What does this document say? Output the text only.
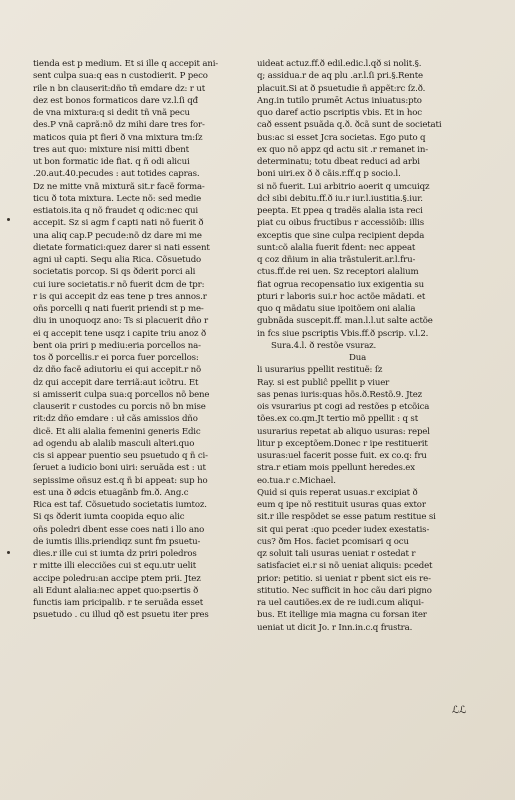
tienda est p medium. Et si ille q accepit ani-
sent culpa sua:q eas n custodierit. P peco
rile n bn clauserit:dño tñ emdare dz: r ut
dez est bonos formaticos dare vz.l.ſi qđ
de vna mixtura:q si dedit tñ vnã pecu
des.P vnã caprã:nõ dz mihi dare tres for-
maticos quia pt fieri ð vna mixtura tm:ſz
tres aut quo: mixture nisi mitti dbent
ut bon formatic ide fiat. q ñ odi alicui
.20.aut.40.pecudes : aut totides capras.
Dz ne mitte vnã mixturã sit.r facë forma-
ticu ð tota mixtura. Lecte nõ: sed medie
estiatois.ita q nõ fraudet q odic:nec qui
accepit. Sz si agm f capti nati nõ fuerit ð
una aliq cap.P pecude:nõ dz dare mi me
dietate formatici:quez darer si nati essent
agni uł capti. Sequ alia Rica. Cõsuetudo
societatis porcop. Si qs ðderit porci ali
cui iure societatis.r nõ fuerit dcm de tpr:
r is qui accepit dz eas tene p tres annos.r
oñs porcelli q nati fuerit priendi st p me-
diu in unoquoqz ano: Ts si placuerit dño r
ei q accepit tene usqz i capite triu anoz ð
bent oia priri p mediu:eria porcellos na-
tos ð porcellis.r ei porca fuer porcellos:
dz dño facë adiutoriu ei qui accepit.r nõ
dz qui accepit dare terriã:aut icõtru. Et
si amisserit culpa sua:q porcellos nõ bene
clauserit r custodes cu porcis nõ bn mise
rit:dz dño emdare : uł cãs amissios dño
dicë. Et alii alalia femenini generis Edic
ad ogendu ab alalib masculi alteri.quo
cis si appear puentio seu psuetudo q ñ ci-
ſeruet a iudicio boni uiri: seruãda est : ut
sepissime oñsuz est.q ñ bi appeat: sup ho
est una ð ødcis etuagãnb fm.ð. Ang.c
Rica est taf. Cõsuetudo societatis iumtoz.
Si qs ðderit iumta coopida equo alic
oñs poledri dbent esse coes nati i llo ano
de iumtis illis.priendiqz sunt fm psuetu-
dies.r ille cui st iumta dz priri poledros
r mitte illi elecciões cui st equ.utr uelit
accipe poledru:an accipe ptem prii. Jtez
ali Edunt alalia:nec appet quo:psertis ð
functis iam pricipalib. r te seruãda esset
psuetudo . cu illud qð est psuetu iter pres
uideat actuz.ff.ð edil.edic.l.qð si nolit.§.
q; assidua.r de aq plu .ar.l.ſi pri.§.Rente
placuit.Si at ð psuetudie ñ appẽt:rc ſz.ð.
Ang.in tutilo prumēt Actus iniuatus:pto
quo daref actio pscriptis vbis. Et in hoc
cað essent psuãda q.ð. ðcã sunt de societati
bus:ac si esset Jcra societas. Ego puto q
ex quo nõ appz qd actu sit .r remanet in-
determinatu; totu dbeat reduci ad arbi
boni uiri.ex ð ð cãis.r.ff.q p socio.l.
si nõ fuerit. Lui arbitrio aoerit q umcuiqz
dcł sibi debitu.ff.ð iu.r iur.l.iustitia.§.iur.
peepta. Et ppea q tradës alalia ista reci
piat cu oibus fructibus r accessiõib: illis
exceptis que sine culpa recipient depda
sunt:cõ alalia fuerit fdent: nec appeat
q coz dñium in alia trãstulerit.ar.l.fru-
ctus.ff.de rei uen. Sz receptori alalium
fiat ogrua recopensatio iux exigentia su
pturi r laboris sui.r hoc actõe mãdati. et
quo q mãdatu siue ipoitõem oni alalia
gubnãda suscepit.ff. man.l.l.ut salte actõe
in fcs siue pscriptis Vbis.ff.ð pscrip. v.l.2.
Sura.4.l. ð restõe vsuraz.
Dua
li usurarius ppellit restituë: ſz
Ray. si est publiĉ ppellit p viuer
sas penas iuris:quas hõs.ð.Restõ.9. Jtez
ois vsurarius pt cogi ad restões p etcõica
tões.ex co.qm.Jt tertio mõ ppellit : q st
usurarius repetat ab aliquo usuras: repel
litur p exceptõem.Donec r ipe restituerit
usuras:uel facerit posse fuit. ex co.q: fru
stra.r etiam mois ppellunt heredes.ex
eo.tua.r c.Michael.
Quid si quis reperat usuas.r excipiat ð
eum q ipe nõ restituit usuras quas extor
sit.r ille respõdet se esse patum restitue si
sit qui perat :quo pceder iudex exestatis-
cus? ðm Hos. faciet pcomisari q ocu
qz soluit tali usuras ueniat r ostedat r
satisfaciet ei.r si nõ ueniat aliquis: pcedet
prior: petitio. si ueniat r pbent sict eis re-
stitutio. Nec sufficit in hoc cãu dari pigno
ra uel cautiões.ex de re iudi.cum aliqui-
bus. Et itellige mia magna cu forsan iter
ueniat ut dicit Jo. r Inn.in.c.q frustra.
ℒℒ
